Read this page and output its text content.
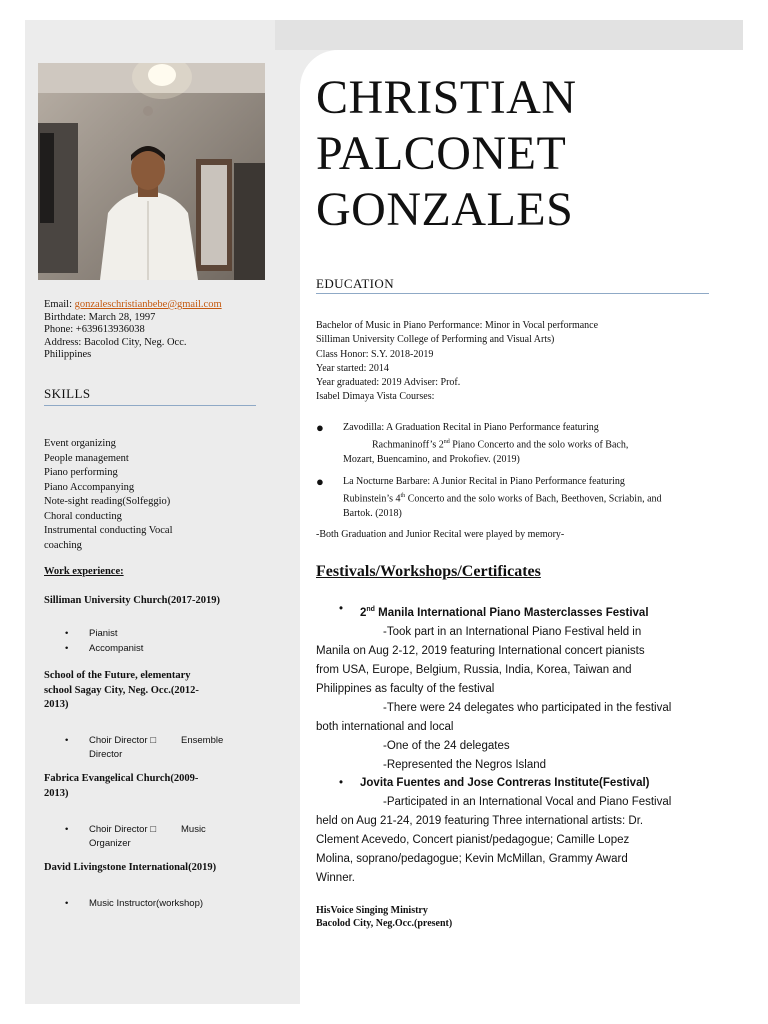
Email: gonzaleschristianbebe@gmail.com
Birthdate: March 28, 1997
Phone: +639613936038
Address: Bacolod City, Neg. Occ.
Philippines
SKILLS
Event organizing
People management
Piano performing
Piano Accompanying
Note-sight reading(Solfeggio)
Choral conducting
Instrumental conducting Vocal
coaching
Work experience:
Silliman University Church(2017-2019)
• Pianist
• Accompanist
School of the Future, elementary
school Sagay City, Neg. Occ.(2012-
2013)
• Choir Director □	Ensemble
Director
Fabrica Evangelical Church(2009-
2013)
• Choir Director □	Music
Organizer
David Livingstone International(2019)
• Music Instructor(workshop)
CHRISTIAN
PALCONET
GONZALES
EDUCATION
Bachelor of Music in Piano Performance: Minor in Vocal performance
Silliman University College of Performing and Visual Arts)
Class Honor: S.Y. 2018-2019
Year started: 2014
Year graduated: 2019 Adviser: Prof.
Isabel Dimaya Vista Courses:
● Zavodilla: A Graduation Recital in Piano Performance featuring
Rachmaninoff’s 2nd Piano Concerto and the solo works of Bach,
Mozart, Buencamino, and Prokofiev. (2019)
● La Nocturne Barbare: A Junior Recital in Piano Performance featuring
Rubinstein’s 4th Concerto and the solo works of Bach, Beethoven, Scriabin, and
Bartok. (2018)
-Both Graduation and Junior Recital were played by memory-
Festivals/Workshops/Certificates
• 2nd Manila International Piano Masterclasses Festival
-Took part in an International Piano Festival held in
Manila on Aug 2-12, 2019 featuring International concert pianists
from USA, Europe, Belgium, Russia, India, Korea, Taiwan and
Philippines as faculty of the festival
-There were 24 delegates who participated in the festival
both international and local
-One of the 24 delegates
-Represented the Negros Island
• Jovita Fuentes and Jose Contreras Institute(Festival)
-Participated in an International Vocal and Piano Festival
held on Aug 21-24, 2019 featuring Three international artists: Dr.
Clement Acevedo, Concert pianist/pedagogue; Camille Lopez
Molina, soprano/pedagogue; Kevin McMillan, Grammy Award
Winner.
HisVoice Singing Ministry
Bacolod City, Neg.Occ.(present)
